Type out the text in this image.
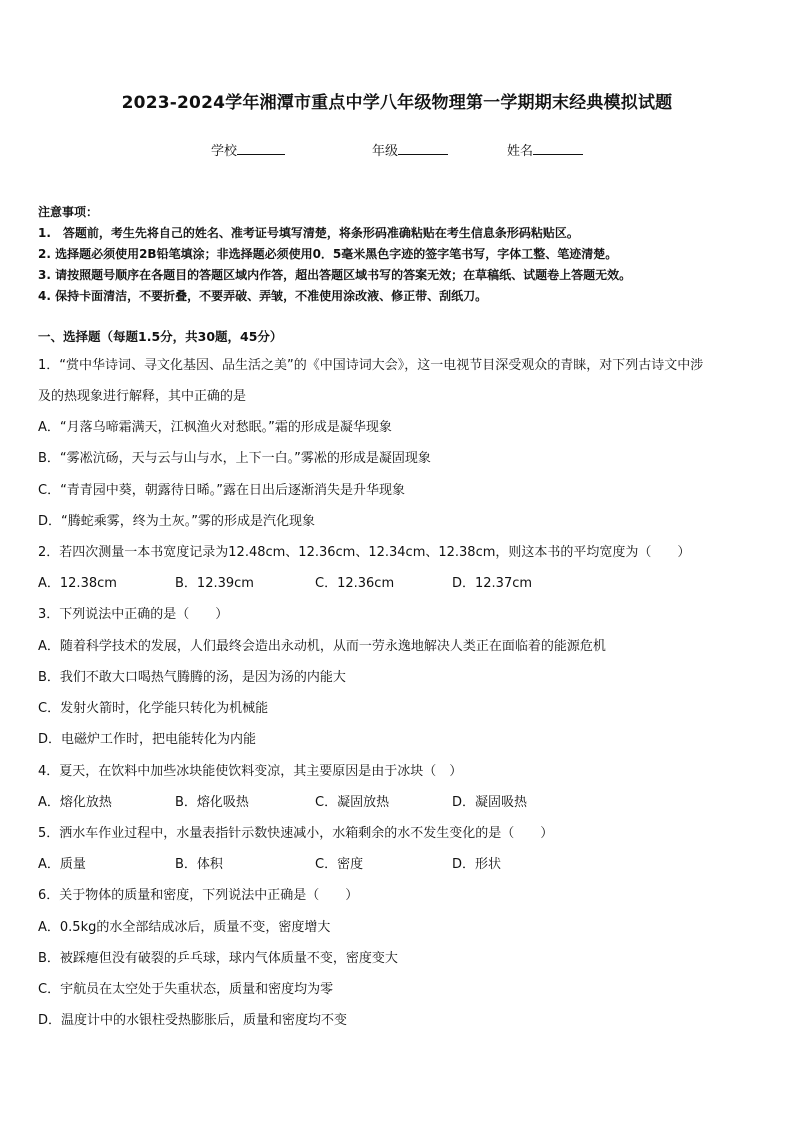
2023-2024学年湘潭市重点中学八年级物理第一学期期末经典模拟试题
学校	年级	姓名
注意事项：
1.　答题前，考生先将自己的姓名、准考证号填写清楚，将条形码准确粘贴在考生信息条形码粘贴区。
2. 选择题必须使用2B铅笔填涂；非选择题必须使用0．5毫米黑色字迹的签字笔书写，字体工整、笔迹清楚。
3. 请按照题号顺序在各题目的答题区域内作答，超出答题区域书写的答案无效；在草稿纸、试题卷上答题无效。
4. 保持卡面清洁，不要折叠，不要弄破、弄皱，不准使用涂改液、修正带、刮纸刀。
一、选择题（每题1.5分，共30题，45分）
1．“赏中华诗词、寻文化基因、品生活之美”的《中国诗词大会》，这一电视节目深受观众的青睐，对下列古诗文中涉
及的热现象进行解释，其中正确的是
A．“月落乌啼霜满天，江枫渔火对愁眠。”霜的形成是凝华现象
B．“雾凇沆砀，天与云与山与水，上下一白。”雾凇的形成是凝固现象
C．“青青园中葵，朝露待日晞。”露在日出后逐渐消失是升华现象
D．“腾蛇乘雾，终为土灰。”雾的形成是汽化现象
2．若四次测量一本书宽度记录为12.48cm、12.36cm、12.34cm、12.38cm，则这本书的平均宽度为（　　）
A．12.38cm	B．12.39cm	C．12.36cm	D．12.37cm
3．下列说法中正确的是（　　）
A．随着科学技术的发展，人们最终会造出永动机，从而一劳永逸地解决人类正在面临着的能源危机
B．我们不敢大口喝热气腾腾的汤，是因为汤的内能大
C．发射火箭时，化学能只转化为机械能
D．电磁炉工作时，把电能转化为内能
4．夏天，在饮料中加些冰块能使饮料变凉，其主要原因是由于冰块（　）
A．熔化放热	B．熔化吸热	C．凝固放热	D．凝固吸热
5．洒水车作业过程中，水量表指针示数快速减小，水箱剩余的水不发生变化的是（　　）
A．质量	B．体积	C．密度	D．形状
6．关于物体的质量和密度，下列说法中正确是（　　）
A．0.5kg的水全部结成冰后，质量不变，密度增大
B．被踩瘪但没有破裂的乒乓球，球内气体质量不变，密度变大
C．宇航员在太空处于失重状态，质量和密度均为零
D．温度计中的水银柱受热膨胀后，质量和密度均不变
